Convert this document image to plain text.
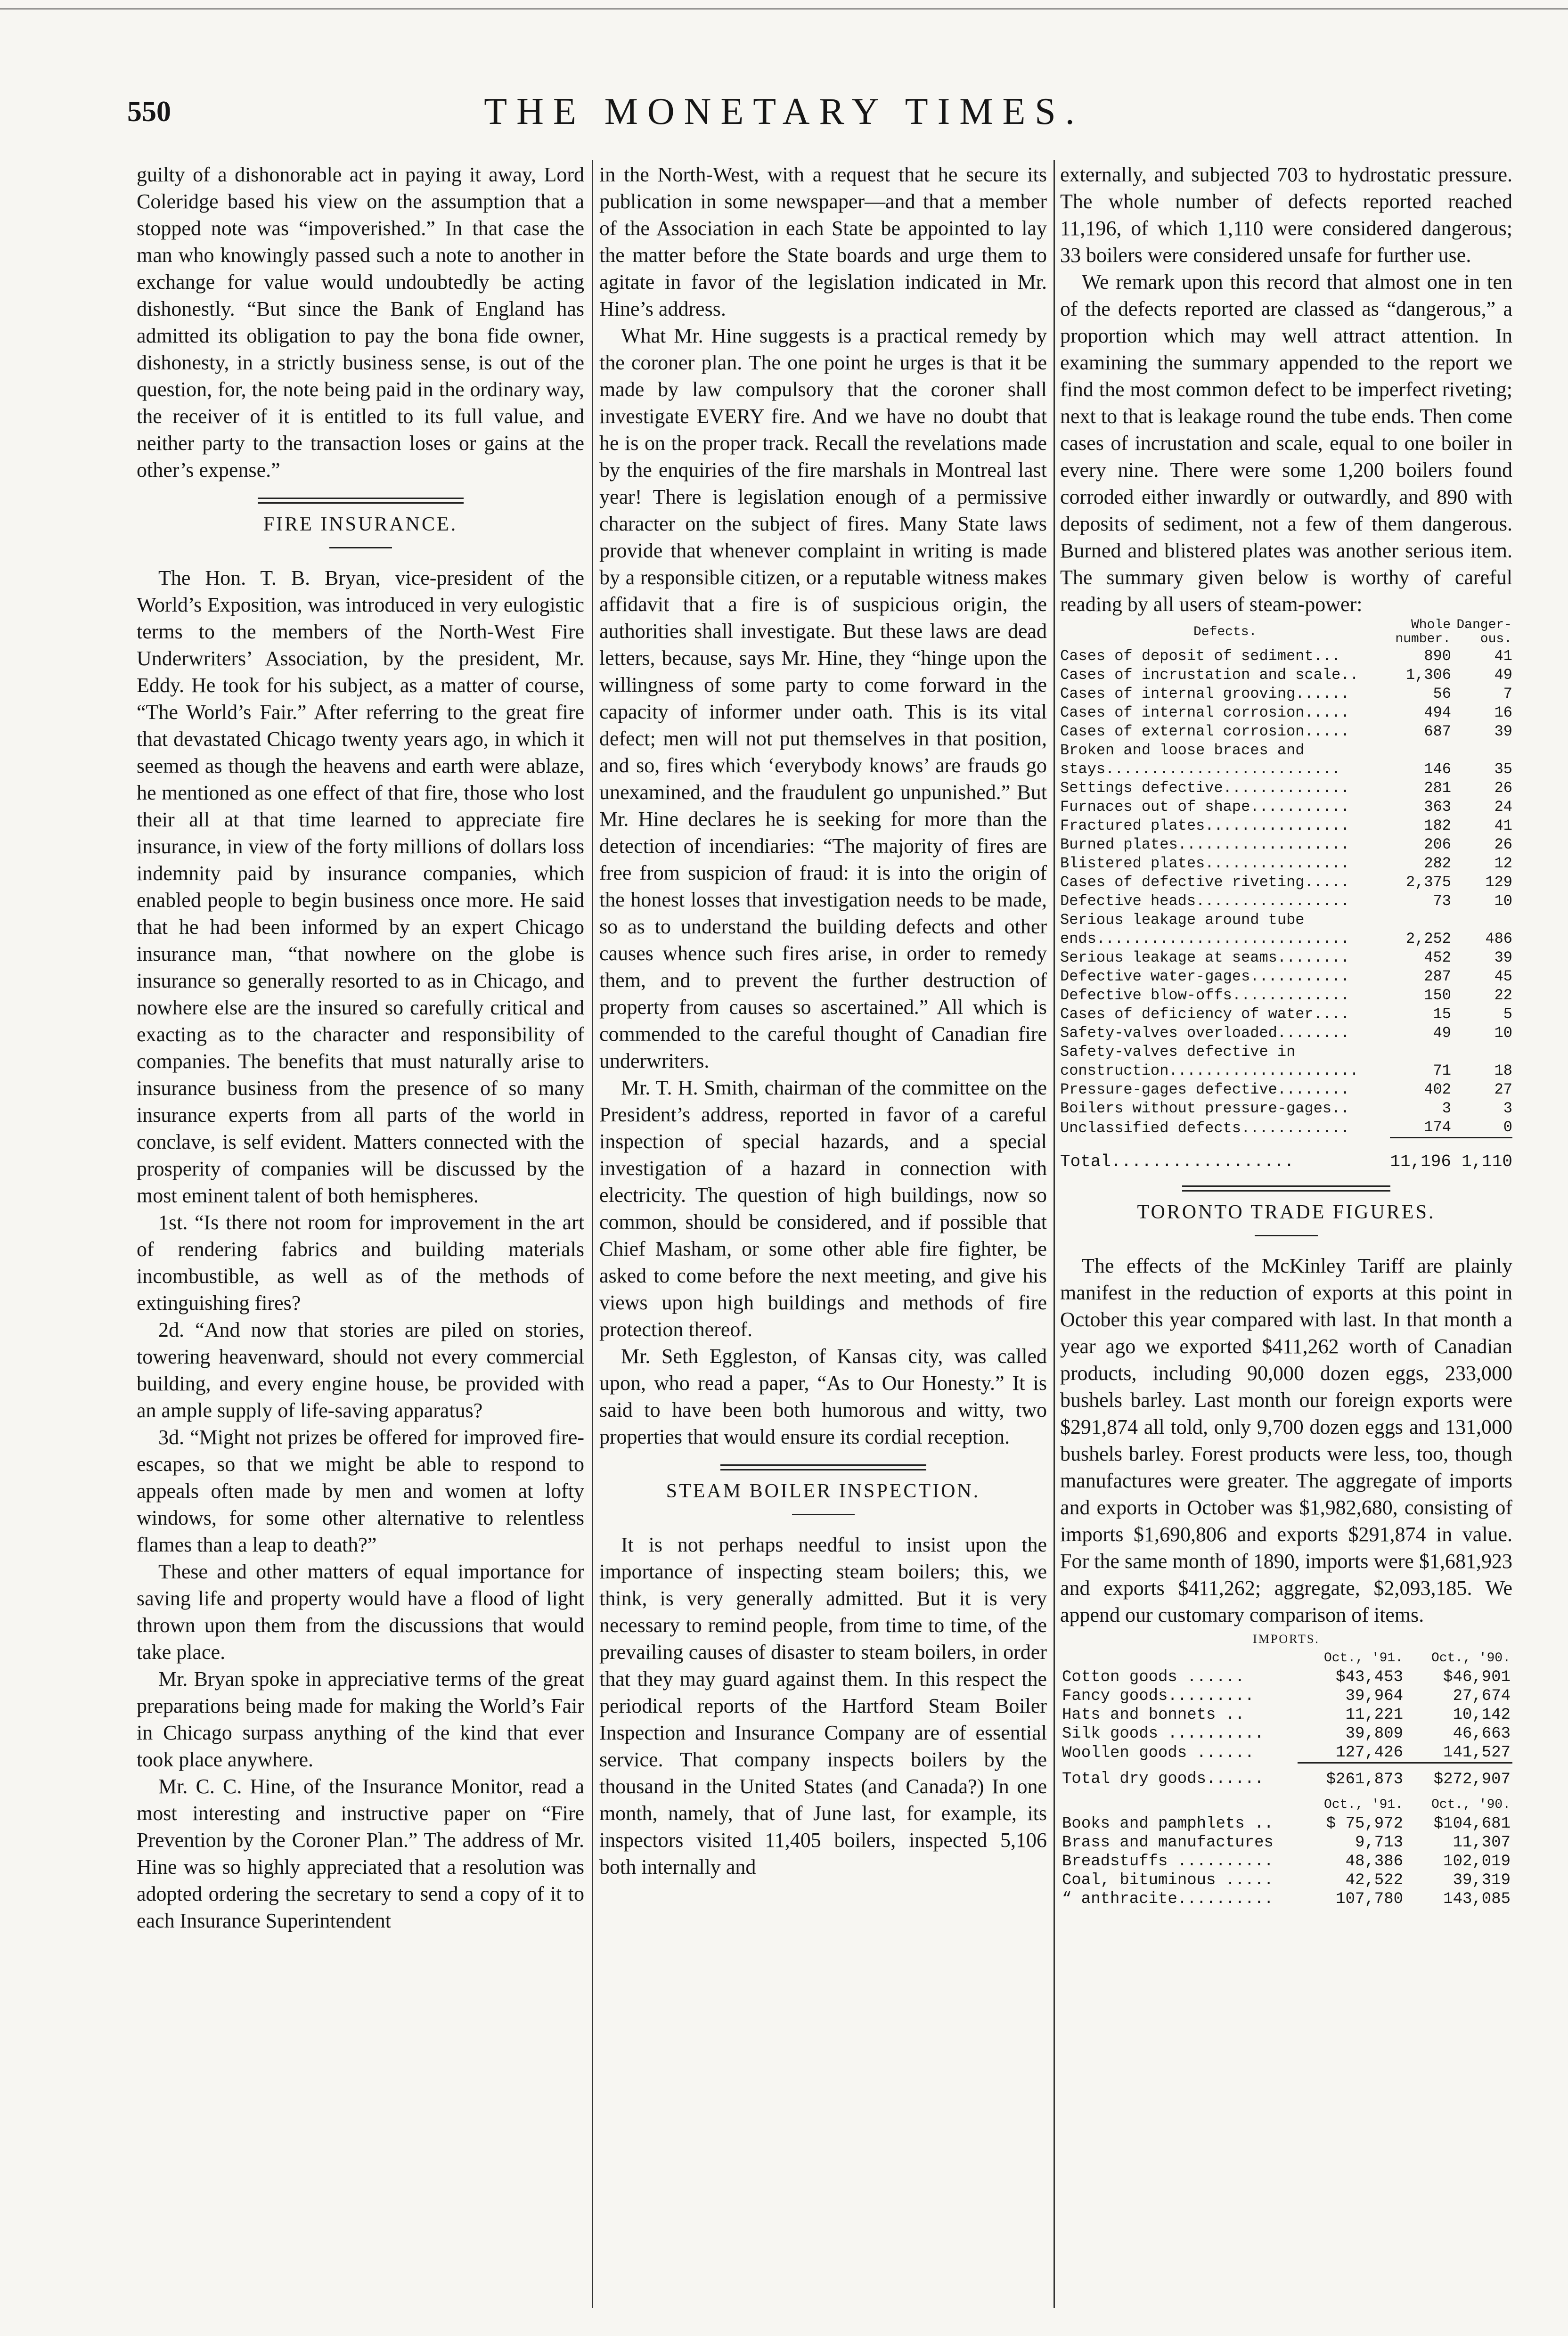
550	THE MONETARY TIMES.

guilty of a dishonorable act in paying it away, Lord Coleridge based his view on the assumption that a stopped note was “impoverished.” In that case the man who knowingly passed such a note to another in exchange for value would undoubtedly be acting dishonestly. “But since the Bank of England has admitted its obligation to pay the bona fide owner, dishonesty, in a strictly business sense, is out of the question, for, the note being paid in the ordinary way, the receiver of it is entitled to its full value, and neither party to the transaction loses or gains at the other’s expense.”

FIRE INSURANCE.

The Hon. T. B. Bryan, vice-president of the World’s Exposition, was introduced in very eulogistic terms to the members of the North-West Fire Underwriters’ Association, by the president, Mr. Eddy. He took for his subject, as a matter of course, “The World’s Fair.” After referring to the great fire that devastated Chicago twenty years ago, in which it seemed as though the heavens and earth were ablaze, he mentioned as one effect of that fire, those who lost their all at that time learned to appreciate fire insurance, in view of the forty millions of dollars loss indemnity paid by insurance companies, which enabled people to begin business once more. He said that he had been informed by an expert Chicago insurance man, “that nowhere on the globe is insurance so generally resorted to as in Chicago, and nowhere else are the insured so carefully critical and exacting as to the character and responsibility of companies. The benefits that must naturally arise to insurance business from the presence of so many insurance experts from all parts of the world in conclave, is self evident. Matters connected with the prosperity of companies will be discussed by the most eminent talent of both hemispheres.

1st. “Is there not room for improvement in the art of rendering fabrics and building materials incombustible, as well as of the methods of extinguishing fires?

2d. “And now that stories are piled on stories, towering heavenward, should not every commercial building, and every engine house, be provided with an ample supply of life-saving apparatus?

3d. “Might not prizes be offered for improved fire-escapes, so that we might be able to respond to appeals often made by men and women at lofty windows, for some other alternative to relentless flames than a leap to death?”

These and other matters of equal importance for saving life and property would have a flood of light thrown upon them from the discussions that would take place.

Mr. Bryan spoke in appreciative terms of the great preparations being made for making the World’s Fair in Chicago surpass anything of the kind that ever took place anywhere.

Mr. C. C. Hine, of the Insurance Monitor, read a most interesting and instructive paper on “Fire Prevention by the Coroner Plan.” The address of Mr. Hine was so highly appreciated that a resolution was adopted ordering the secretary to send a copy of it to each Insurance Superintendent

in the North-West, with a request that he secure its publication in some newspaper—and that a member of the Association in each State be appointed to lay the matter before the State boards and urge them to agitate in favor of the legislation indicated in Mr. Hine’s address.

What Mr. Hine suggests is a practical remedy by the coroner plan. The one point he urges is that it be made by law compulsory that the coroner shall investigate EVERY fire. And we have no doubt that he is on the proper track. Recall the revelations made by the enquiries of the fire marshals in Montreal last year! There is legislation enough of a permissive character on the subject of fires. Many State laws provide that whenever complaint in writing is made by a responsible citizen, or a reputable witness makes affidavit that a fire is of suspicious origin, the authorities shall investigate. But these laws are dead letters, because, says Mr. Hine, they “hinge upon the willingness of some party to come forward in the capacity of informer under oath. This is its vital defect; men will not put themselves in that position, and so, fires which ‘everybody knows’ are frauds go unexamined, and the fraudulent go unpunished.” But Mr. Hine declares he is seeking for more than the detection of incendiaries: “The majority of fires are free from suspicion of fraud: it is into the origin of the honest losses that investigation needs to be made, so as to understand the building defects and other causes whence such fires arise, in order to remedy them, and to prevent the further destruction of property from causes so ascertained.” All which is commended to the careful thought of Canadian fire underwriters.

Mr. T. H. Smith, chairman of the committee on the President’s address, reported in favor of a careful inspection of special hazards, and a special investigation of a hazard in connection with electricity. The question of high buildings, now so common, should be considered, and if possible that Chief Masham, or some other able fire fighter, be asked to come before the next meeting, and give his views upon high buildings and methods of fire protection thereof.

Mr. Seth Eggleston, of Kansas city, was called upon, who read a paper, “As to Our Honesty.” It is said to have been both humorous and witty, two properties that would ensure its cordial reception.

STEAM BOILER INSPECTION.

It is not perhaps needful to insist upon the importance of inspecting steam boilers; this, we think, is very generally admitted. But it is very necessary to remind people, from time to time, of the prevailing causes of disaster to steam boilers, in order that they may guard against them. In this respect the periodical reports of the Hartford Steam Boiler Inspection and Insurance Company are of essential service. That company inspects boilers by the thousand in the United States (and Canada?) In one month, namely, that of June last, for example, its inspectors visited 11,405 boilers, inspected 5,106 both internally and

externally, and subjected 703 to hydrostatic pressure. The whole number of defects reported reached 11,196, of which 1,110 were considered dangerous; 33 boilers were considered unsafe for further use.

We remark upon this record that almost one in ten of the defects reported are classed as “dangerous,” a proportion which may well attract attention. In examining the summary appended to the report we find the most common defect to be imperfect riveting; next to that is leakage round the tube ends. Then come cases of incrustation and scale, equal to one boiler in every nine. There were some 1,200 boilers found corroded either inwardly or outwardly, and 890 with deposits of sediment, not a few of them dangerous. Burned and blistered plates was another serious item. The summary given below is worthy of careful reading by all users of steam-power:

Defects.	Whole number.	Danger-ous.
Cases of deposit of sediment...	890	41
Cases of incrustation and scale..	1,306	49
Cases of internal grooving......	56	7
Cases of internal corrosion.....	494	16
Cases of external corrosion.....	687	39
Broken and loose braces and stays..........................	146	35
Settings defective..............	281	26
Furnaces out of shape...........	363	24
Fractured plates................	182	41
Burned plates...................	206	26
Blistered plates................	282	12
Cases of defective riveting.....	2,375	129
Defective heads.................	73	10
Serious leakage around tube ends............................	2,252	486
Serious leakage at seams........	452	39
Defective water-gages...........	287	45
Defective blow-offs.............	150	22
Cases of deficiency of water....	15	5
Safety-valves overloaded........	49	10
Safety-valves defective in construction.....................	71	18
Pressure-gages defective........	402	27
Boilers without pressure-gages..	3	3
Unclassified defects............	174	0
Total..................	11,196	1,110
TORONTO TRADE FIGURES.

The effects of the McKinley Tariff are plainly manifest in the reduction of exports at this point in October this year compared with last. In that month a year ago we exported $411,262 worth of Canadian products, including 90,000 dozen eggs, 233,000 bushels barley. Last month our foreign exports were $291,874 all told, only 9,700 dozen eggs and 131,000 bushels barley. Forest products were less, too, though manufactures were greater. The aggregate of imports and exports in October was $1,982,680, consisting of imports $1,690,806 and exports $291,874 in value. For the same month of 1890, imports were $1,681,923 and exports $411,262; aggregate, $2,093,185. We append our customary comparison of items.

IMPORTS.
	Oct., '91.	Oct., '90.
Cotton goods ......	$43,453	$46,901
Fancy goods.........	39,964	27,674
Hats and bonnets ..	11,221	10,142
Silk goods ..........	39,809	46,663
Woollen goods ......	127,426	141,527
Total dry goods......	$261,873	$272,907
	Oct., '91.	Oct., '90.
Books and pamphlets ..	$ 75,972	$104,681
Brass and manufactures	9,713	11,307
Breadstuffs ..........	48,386	102,019
Coal, bituminous .....	42,522	39,319
“ anthracite..........	107,780	143,085
